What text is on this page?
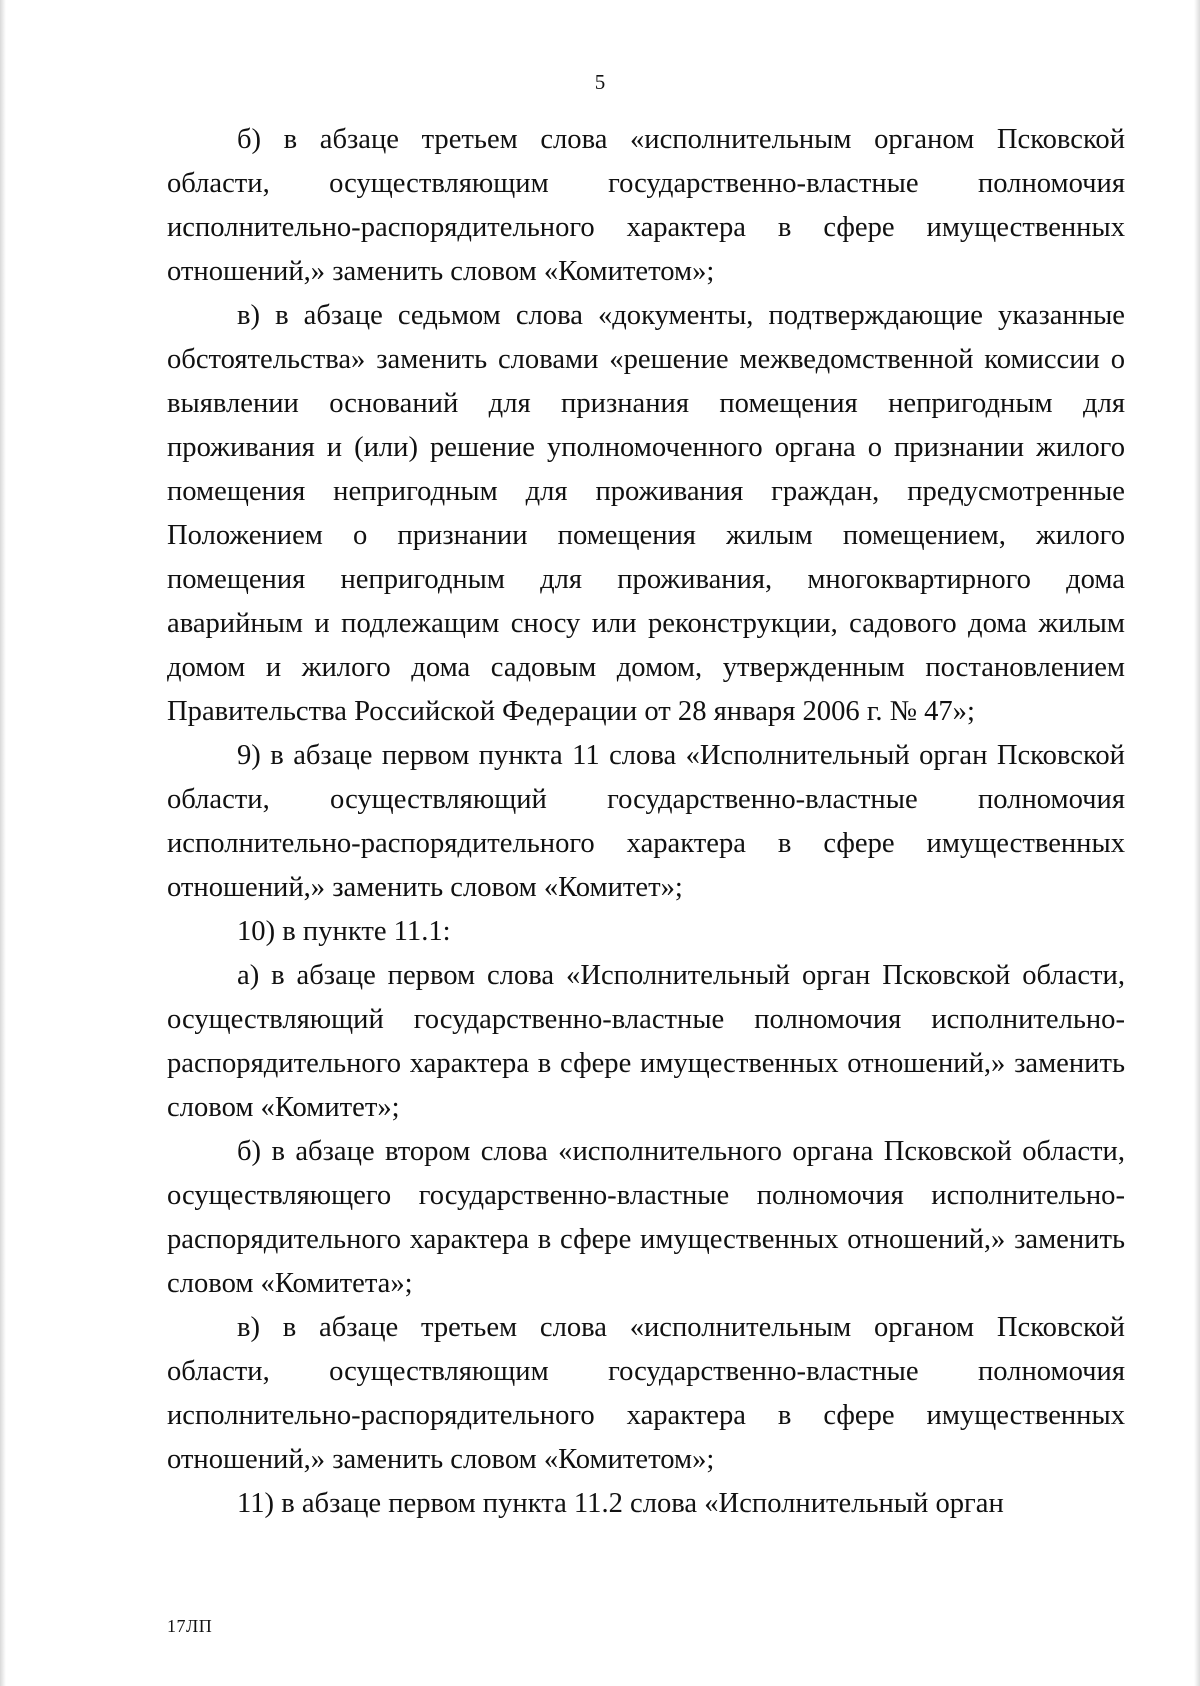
5

б) в абзаце третьем слова «исполнительным органом Псковской области, осуществляющим государственно-властные полномочия исполнительно-распорядительного характера в сфере имущественных отношений,» заменить словом «Комитетом»;

в) в абзаце седьмом слова «документы, подтверждающие указанные обстоятельства» заменить словами «решение межведомственной комиссии о выявлении оснований для признания помещения непригодным для проживания и (или) решение уполномоченного органа о признании жилого помещения непригодным для проживания граждан, предусмотренные Положением о признании помещения жилым помещением, жилого помещения непригодным для проживания, многоквартирного дома аварийным и подлежащим сносу или реконструкции, садового дома жилым домом и жилого дома садовым домом, утвержденным постановлением Правительства Российской Федерации от 28 января 2006 г. № 47»;

9) в абзаце первом пункта 11 слова «Исполнительный орган Псковской области, осуществляющий государственно-властные полномочия исполнительно-распорядительного характера в сфере имущественных отношений,» заменить словом «Комитет»;

10) в пункте 11.1:

а) в абзаце первом слова «Исполнительный орган Псковской области, осуществляющий государственно-властные полномочия исполнительно-распорядительного характера в сфере имущественных отношений,» заменить словом «Комитет»;

б) в абзаце втором слова «исполнительного органа Псковской области, осуществляющего государственно-властные полномочия исполнительно-распорядительного характера в сфере имущественных отношений,» заменить словом «Комитета»;

в) в абзаце третьем слова «исполнительным органом Псковской области, осуществляющим государственно-властные полномочия исполнительно-распорядительного характера в сфере имущественных отношений,» заменить словом «Комитетом»;

11) в абзаце первом пункта 11.2 слова «Исполнительный орган

17ЛП
